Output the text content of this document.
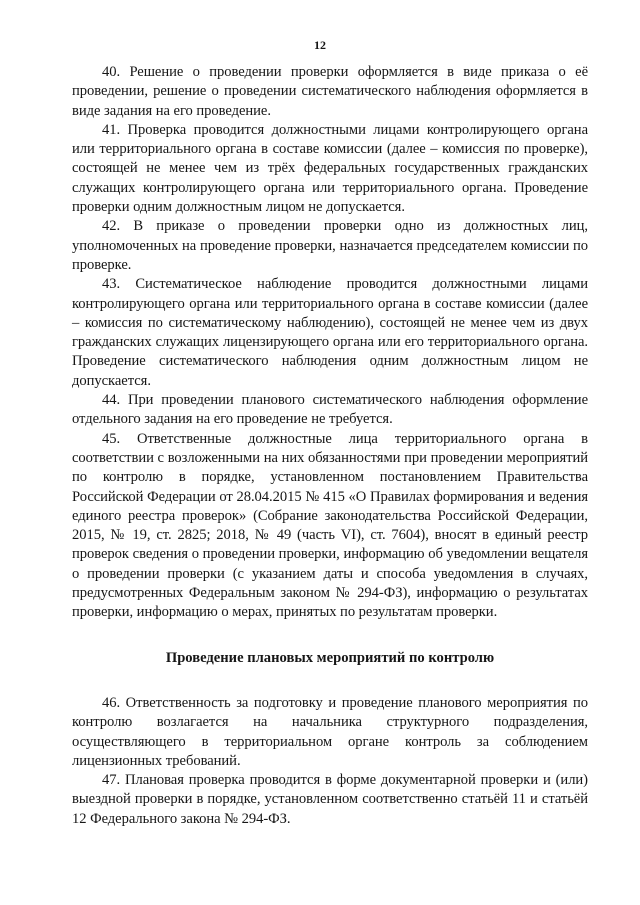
12

40. Решение о проведении проверки оформляется в виде приказа о её проведении, решение о проведении систематического наблюдения оформляется в виде задания на его проведение.

41. Проверка проводится должностными лицами контролирующего органа или территориального органа в составе комиссии (далее – комиссия по проверке), состоящей не менее чем из трёх федеральных государственных гражданских служащих контролирующего органа или территориального органа. Проведение проверки одним должностным лицом не допускается.

42. В приказе о проведении проверки одно из должностных лиц, уполномоченных на проведение проверки, назначается председателем комиссии по проверке.

43. Систематическое наблюдение проводится должностными лицами контролирующего органа или территориального органа в составе комиссии (далее – комиссия по систематическому наблюдению), состоящей не менее чем из двух гражданских служащих лицензирующего органа или его территориального органа. Проведение систематического наблюдения одним должностным лицом не допускается.

44. При проведении планового систематического наблюдения оформление отдельного задания на его проведение не требуется.

45. Ответственные должностные лица территориального органа в соответствии с возложенными на них обязанностями при проведении мероприятий по контролю в порядке, установленном постановлением Правительства Российской Федерации от 28.04.2015 № 415 «О Правилах формирования и ведения единого реестра проверок» (Собрание законодательства Российской Федерации, 2015, № 19, ст. 2825; 2018, № 49 (часть VI), ст. 7604), вносят в единый реестр проверок сведения о проведении проверки, информацию об уведомлении вещателя о проведении проверки (с указанием даты и способа уведомления в случаях, предусмотренных Федеральным законом № 294-ФЗ), информацию о результатах проверки, информацию о мерах, принятых по результатам проверки.

Проведение плановых мероприятий по контролю

46. Ответственность за подготовку и проведение планового мероприятия по контролю возлагается на начальника структурного подразделения, осуществляющего в территориальном органе контроль за соблюдением лицензионных требований.

47. Плановая проверка проводится в форме документарной проверки и (или) выездной проверки в порядке, установленном соответственно статьёй 11 и статьёй 12 Федерального закона № 294-ФЗ.
